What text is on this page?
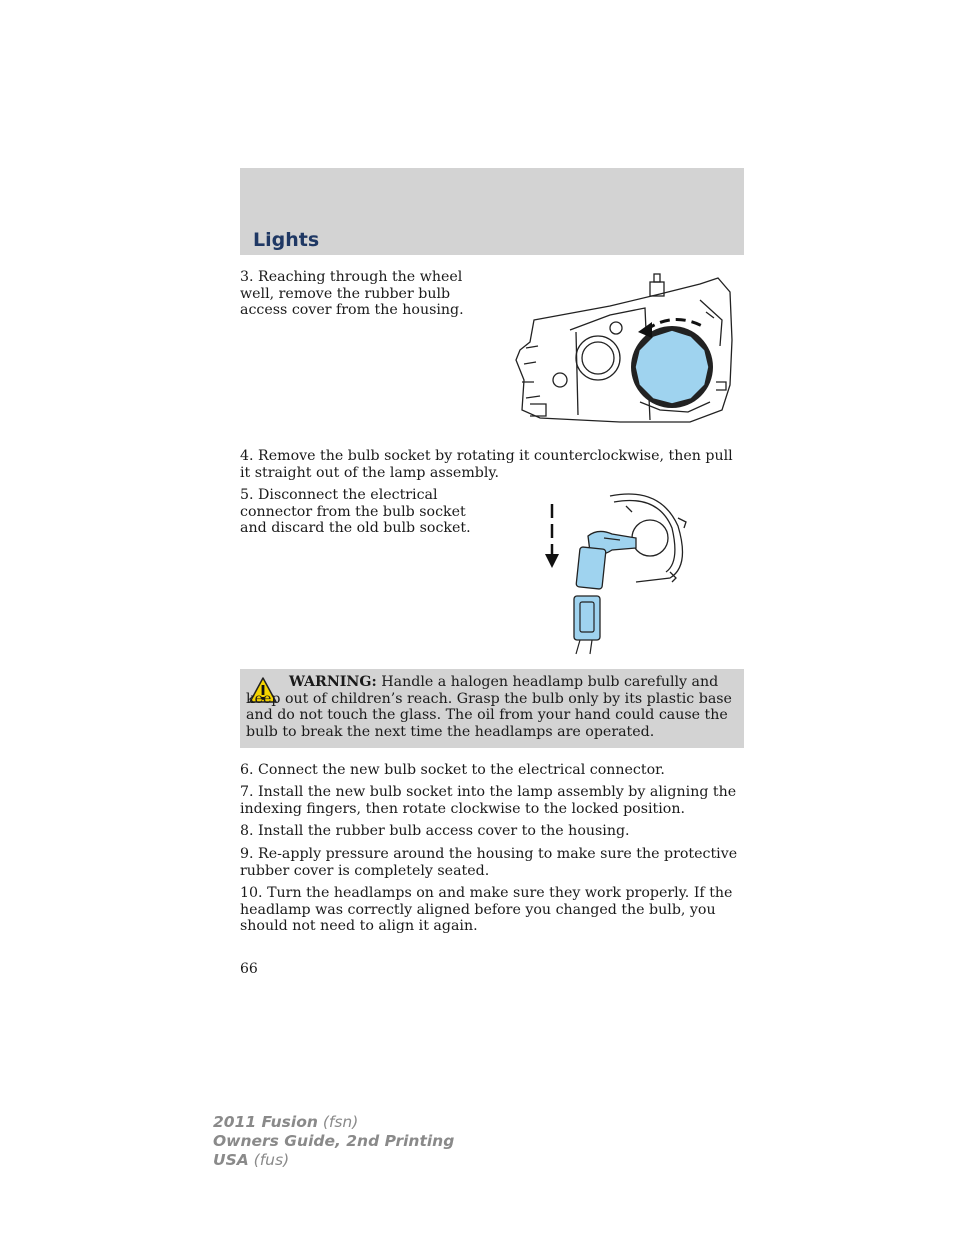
Lights

3. Reaching through the wheel well, remove the rubber bulb access cover from the housing.

4. Remove the bulb socket by rotating it counterclockwise, then pull it straight out of the lamp assembly.

5. Disconnect the electrical connector from the bulb socket and discard the old bulb socket.

WARNING: Handle a halogen headlamp bulb carefully and keep out of children’s reach. Grasp the bulb only by its plastic base and do not touch the glass. The oil from your hand could cause the bulb to break the next time the headlamps are operated.

6. Connect the new bulb socket to the electrical connector.

7. Install the new bulb socket into the lamp assembly by aligning the indexing fingers, then rotate clockwise to the locked position.

8. Install the rubber bulb access cover to the housing.

9. Re-apply pressure around the housing to make sure the protective rubber cover is completely seated.

10. Turn the headlamps on and make sure they work properly. If the headlamp was correctly aligned before you changed the bulb, you should not need to align it again.

66

2011 Fusion (fsn)
Owners Guide, 2nd Printing
USA (fus)
